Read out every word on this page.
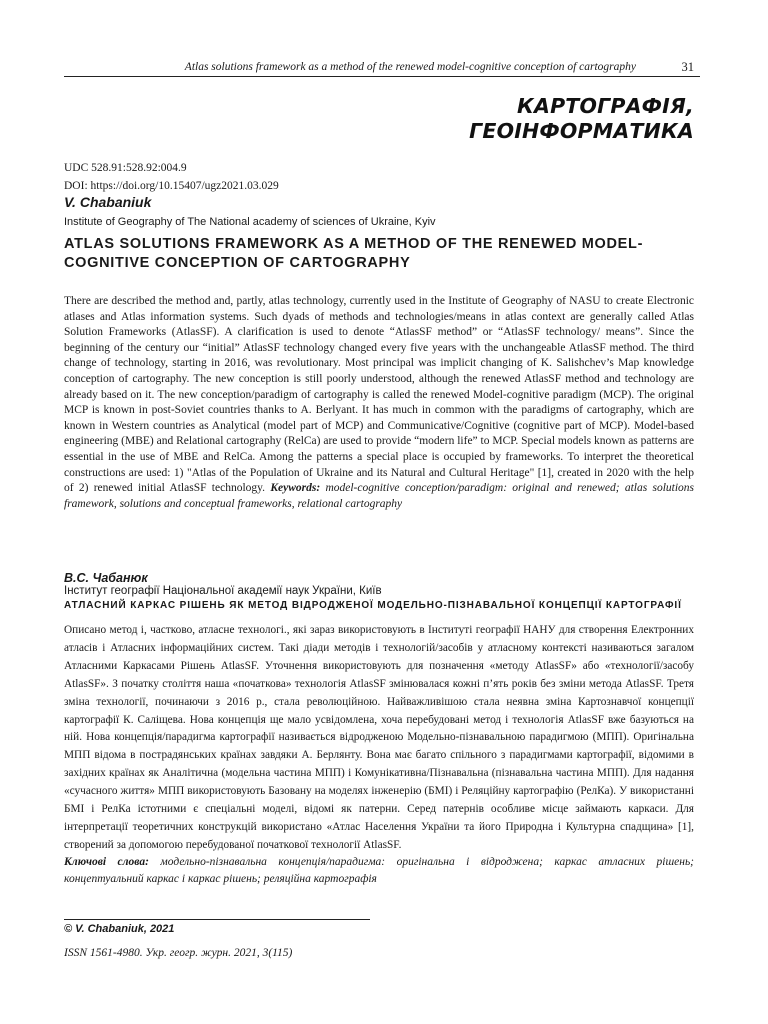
Atlas solutions framework as a method of the renewed model-cognitive conception of cartography	31
КАРТОГРАФІЯ,
ГЕОІНФОРМАТИКА
UDC 528.91:528.92:004.9
DOI: https://doi.org/10.15407/ugz2021.03.029
V. Chabaniuk
Institute of Geography of The National academy of sciences of Ukraine, Kyiv
ATLAS SOLUTIONS FRAMEWORK AS A METHOD OF THE RENEWED MODEL-COGNITIVE CONCEPTION OF CARTOGRAPHY

There are described the method and, partly, atlas technology, currently used in the Institute of Geography of NASU to create Electronic atlases and Atlas information systems. Such dyads of methods and technologies/means in atlas context are generally called Atlas Solution Frameworks (AtlasSF). A clarification is used to denote “AtlasSF method” or “AtlasSF technology/ means”. Since the beginning of the century our “initial” AtlasSF technology changed every five years with the unchangeable AtlasSF method. The third change of technology, starting in 2016, was revolutionary. Most principal was implicit changing of K. Salishchev’s Map knowledge conception of cartography. The new conception is still poorly understood, although the renewed AtlasSF method and technology are already based on it. The new conception/paradigm of cartography is called the renewed Model-cognitive paradigm (MCP). The original MCP is known in post-Soviet countries thanks to A. Berlyant. It has much in common with the paradigms of cartography, which are known in Western countries as Analytical (model part of MCP) and Communicative/Cognitive (cognitive part of MCP). Model-based engineering (MBE) and Relational cartography (RelCa) are used to provide “modern life” to MCP. Special models known as patterns are essential in the use of MBE and RelCa. Among the patterns a special place is occupied by frameworks. To interpret the theoretical constructions are used: 1) "Atlas of the Population of Ukraine and its Natural and Cultural Heritage" [1], created in 2020 with the help of 2) renewed initial AtlasSF technology. Keywords: model-cognitive conception/paradigm: original and renewed; atlas solutions framework, solutions and conceptual frameworks, relational cartography

В.С. Чабанюк
Інститут географії Національної академії наук України, Київ
АТЛАСНИЙ КАРКАС РІШЕНЬ ЯК МЕТОД ВІДРОДЖЕНОЇ МОДЕЛЬНО-ПІЗНАВАЛЬНОЇ КОНЦЕПЦІЇ КАРТОГРАФІЇ

Описано метод і, частково, атласне технологі., які зараз використовують в Інституті географії НАНУ для створення Електронних атласів і Атласних інформаційних систем. Такі діади методів і технологій/засобів у атласному контексті називаються загалом Атласними Каркасами Рішень AtlasSF. Уточнення використовують для позначення «методу AtlasSF» або «технології/засобу AtlasSF». З початку століття наша «початкова» технологія AtlasSF змінювалася кожні п’ять років без зміни метода AtlasSF. Третя зміна технології, починаючи з 2016 р., стала революційною. Найважливішою стала неявна зміна Картознавчої концепції картографії К. Саліщева. Нова концепція ще мало усвідомлена, хоча перебудовані метод і технологія AtlasSF вже базуються на ній. Нова концепція/парадигма картографії називається відродженою Модельно-пізнавальною парадигмою (МПП). Оригінальна МПП відома в пострадянських країнах завдяки А. Берлянту. Вона має багато спільного з парадигмами картографії, відомими в західних країнах як Аналітична (модельна частина МПП) і Комунікативна/Пізнавальна (пізнавальна частина МПП). Для надання «сучасного життя» МПП використовують Базовану на моделях інженерію (БМІ) і Реляційну картографію (РелКа). У використанні БМІ і РелКа істотними є спеціальні моделі, відомі як патерни. Серед патернів особливе місце займають каркаси. Для інтерпретації теоретичних конструкцій використано «Атлас Населення України та його Природна і Культурна спадщина» [1], створений за допомогою перебудованої початкової технології AtlasSF.

Ключові слова: модельно-пізнавальна концепція/парадигма: оригінальна і відроджена; каркас атласних рішень; концептуальний каркас і каркас рішень; реляційна картографія

© V. Chabaniuk, 2021
ISSN 1561-4980. Укр. геогр. журн. 2021, 3(115)
